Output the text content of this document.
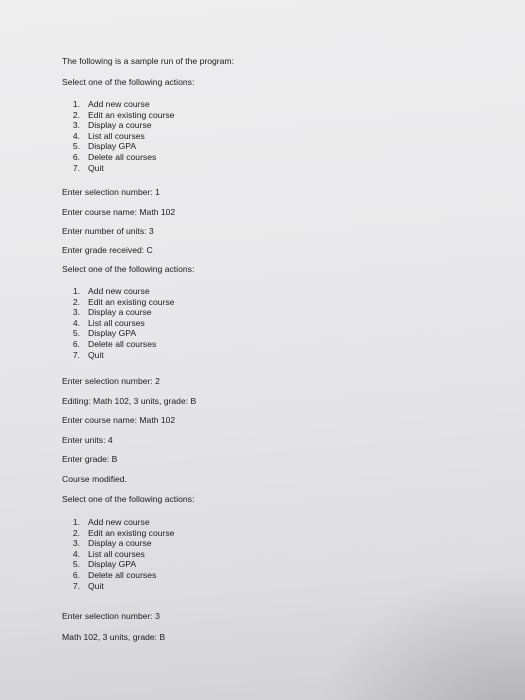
The following is a sample run of the program:
Select one of the following actions:
1. Add new course
2. Edit an existing course
3. Display a course
4. List all courses
5. Display GPA
6. Delete all courses
7. Quit
Enter selection number: 1
Enter course name: Math 102
Enter number of units: 3
Enter grade received: C
Select one of the following actions:
1. Add new course
2. Edit an existing course
3. Display a course
4. List all courses
5. Display GPA
6. Delete all courses
7. Quit
Enter selection number: 2
Editing: Math 102, 3 units, grade: B
Enter course name: Math 102
Enter units: 4
Enter grade: B
Course modified.
Select one of the following actions:
1. Add new course
2. Edit an existing course
3. Display a course
4. List all courses
5. Display GPA
6. Delete all courses
7. Quit
Enter selection number: 3
Math 102, 3 units, grade: B
